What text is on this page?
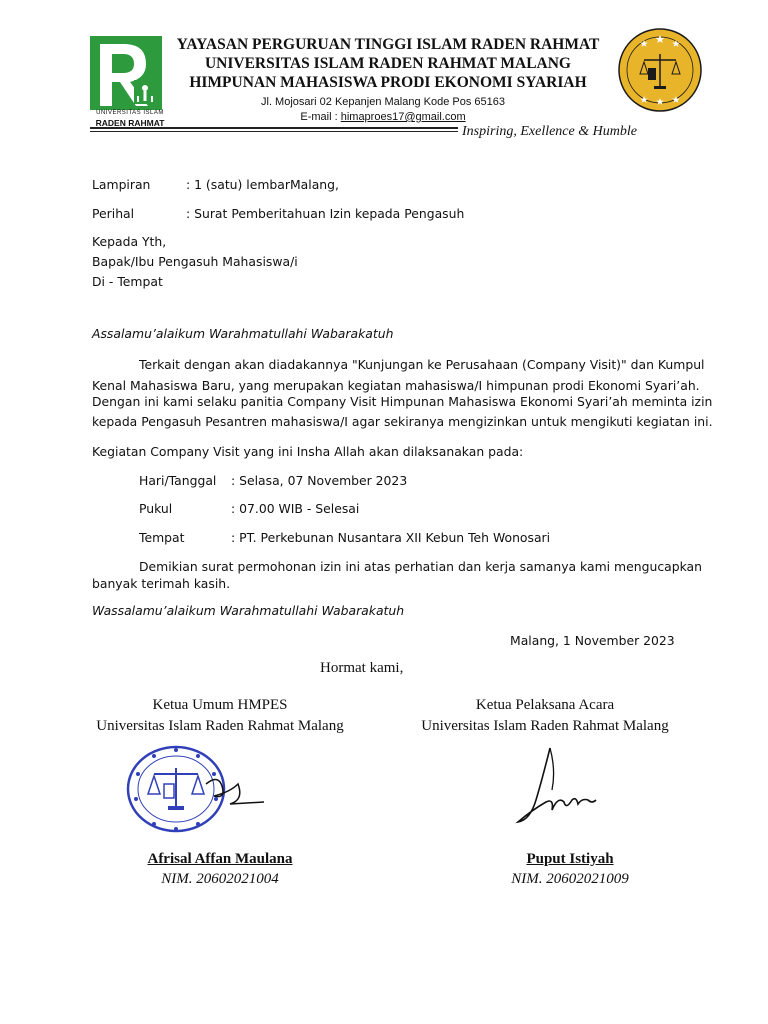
UNIVERSITAS ISLAM
RADEN RAHMAT
YAYASAN PERGURUAN TINGGI ISLAM RADEN RAHMAT
UNIVERSITAS ISLAM RADEN RAHMAT MALANG
HIMPUNAN MAHASISWA PRODI EKONOMI SYARIAH
Jl. Mojosari 02 Kepanjen Malang Kode Pos 65163
E-mail : himaproes17@gmail.com
Inspiring, Exellence & Humble
Lampiran	: 1 (satu) lembarMalang,
Perihal	: Surat Pemberitahuan Izin kepada Pengasuh
Kepada Yth,
Bapak/Ibu Pengasuh Mahasiswa/i
Di - Tempat
Assalamu’alaikum Warahmatullahi Wabarakatuh
Terkait dengan akan diadakannya "Kunjungan ke Perusahaan (Company Visit)" dan Kumpul
Kenal Mahasiswa Baru, yang merupakan kegiatan mahasiswa/I himpunan prodi Ekonomi Syari’ah.
Dengan ini kami selaku panitia Company Visit Himpunan Mahasiswa Ekonomi Syari’ah meminta izin
kepada Pengasuh Pesantren mahasiswa/I agar sekiranya mengizinkan untuk mengikuti kegiatan ini.
Kegiatan Company Visit yang ini Insha Allah akan dilaksanakan pada:
Hari/Tanggal : Selasa, 07 November 2023
Pukul	: 07.00 WIB - Selesai
Tempat	: PT. Perkebunan Nusantara XII Kebun Teh Wonosari
Demikian surat permohonan izin ini atas perhatian dan kerja samanya kami mengucapkan
banyak terimah kasih.
Wassalamu’alaikum Warahmatullahi Wabarakatuh
Malang, 1 November 2023
Hormat kami,
Ketua Umum HMPES
Universitas Islam Raden Rahmat Malang
Ketua Pelaksana Acara
Universitas Islam Raden Rahmat Malang
Afrisal Affan Maulana
NIM. 20602021004
Puput Istiyah
NIM. 20602021009
